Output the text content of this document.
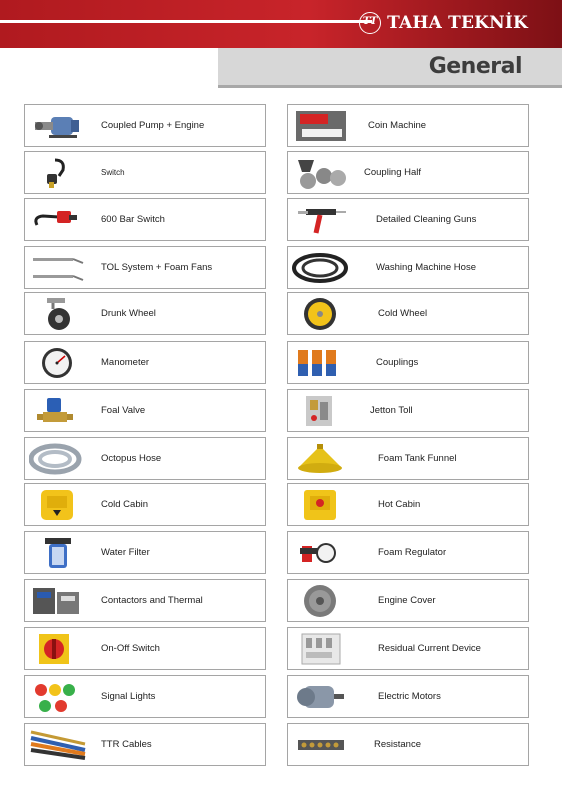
TT
TAHA TEKNİK
General
Coupled Pump + Engine
Switch
600 Bar Switch
TOL System + Foam Fans
Drunk Wheel
Manometer
Foal Valve
Octopus Hose
Cold Cabin
Water Filter
Contactors and Thermal
On-Off Switch
Signal Lights
TTR Cables
Coin Machine
Coupling Half
Detailed Cleaning Guns
Washing Machine Hose
Cold Wheel
Couplings
Jetton Toll
Foam Tank Funnel
Hot Cabin
Foam Regulator
Engine Cover
Residual Current Device
Electric Motors
Resistance
